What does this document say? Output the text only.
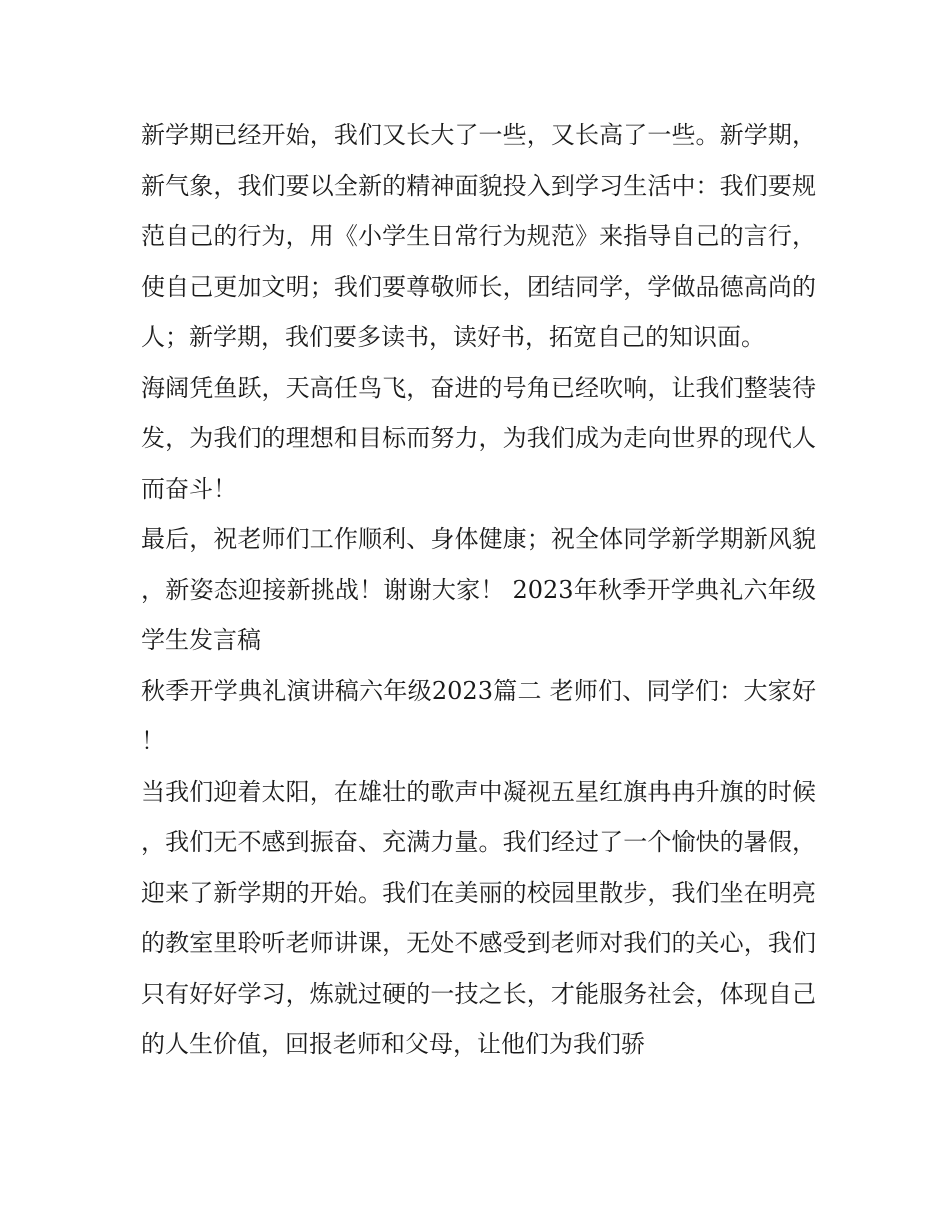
新学期已经开始，我们又长大了一些，又长高了一些。新学期，新气象，我们要以全新的精神面貌投入到学习生活中：我们要规范自己的行为，用《小学生日常行为规范》来指导自己的言行，使自己更加文明；我们要尊敬师长，团结同学，学做品德高尚的人；新学期，我们要多读书，读好书，拓宽自己的知识面。

海阔凭鱼跃，天高任鸟飞，奋进的号角已经吹响，让我们整装待发，为我们的理想和目标而努力，为我们成为走向世界的现代人而奋斗！

最后，祝老师们工作顺利、身体健康；祝全体同学新学期新风貌，新姿态迎接新挑战！谢谢大家！ 2023年秋季开学典礼六年级学生发言稿

秋季开学典礼演讲稿六年级2023篇二 老师们、同学们：大家好！

当我们迎着太阳，在雄壮的歌声中凝视五星红旗冉冉升旗的时候，我们无不感到振奋、充满力量。我们经过了一个愉快的暑假，迎来了新学期的开始。我们在美丽的校园里散步，我们坐在明亮的教室里聆听老师讲课，无处不感受到老师对我们的关心，我们只有好好学习，炼就过硬的一技之长，才能服务社会，体现自己的人生价值，回报老师和父母，让他们为我们骄
